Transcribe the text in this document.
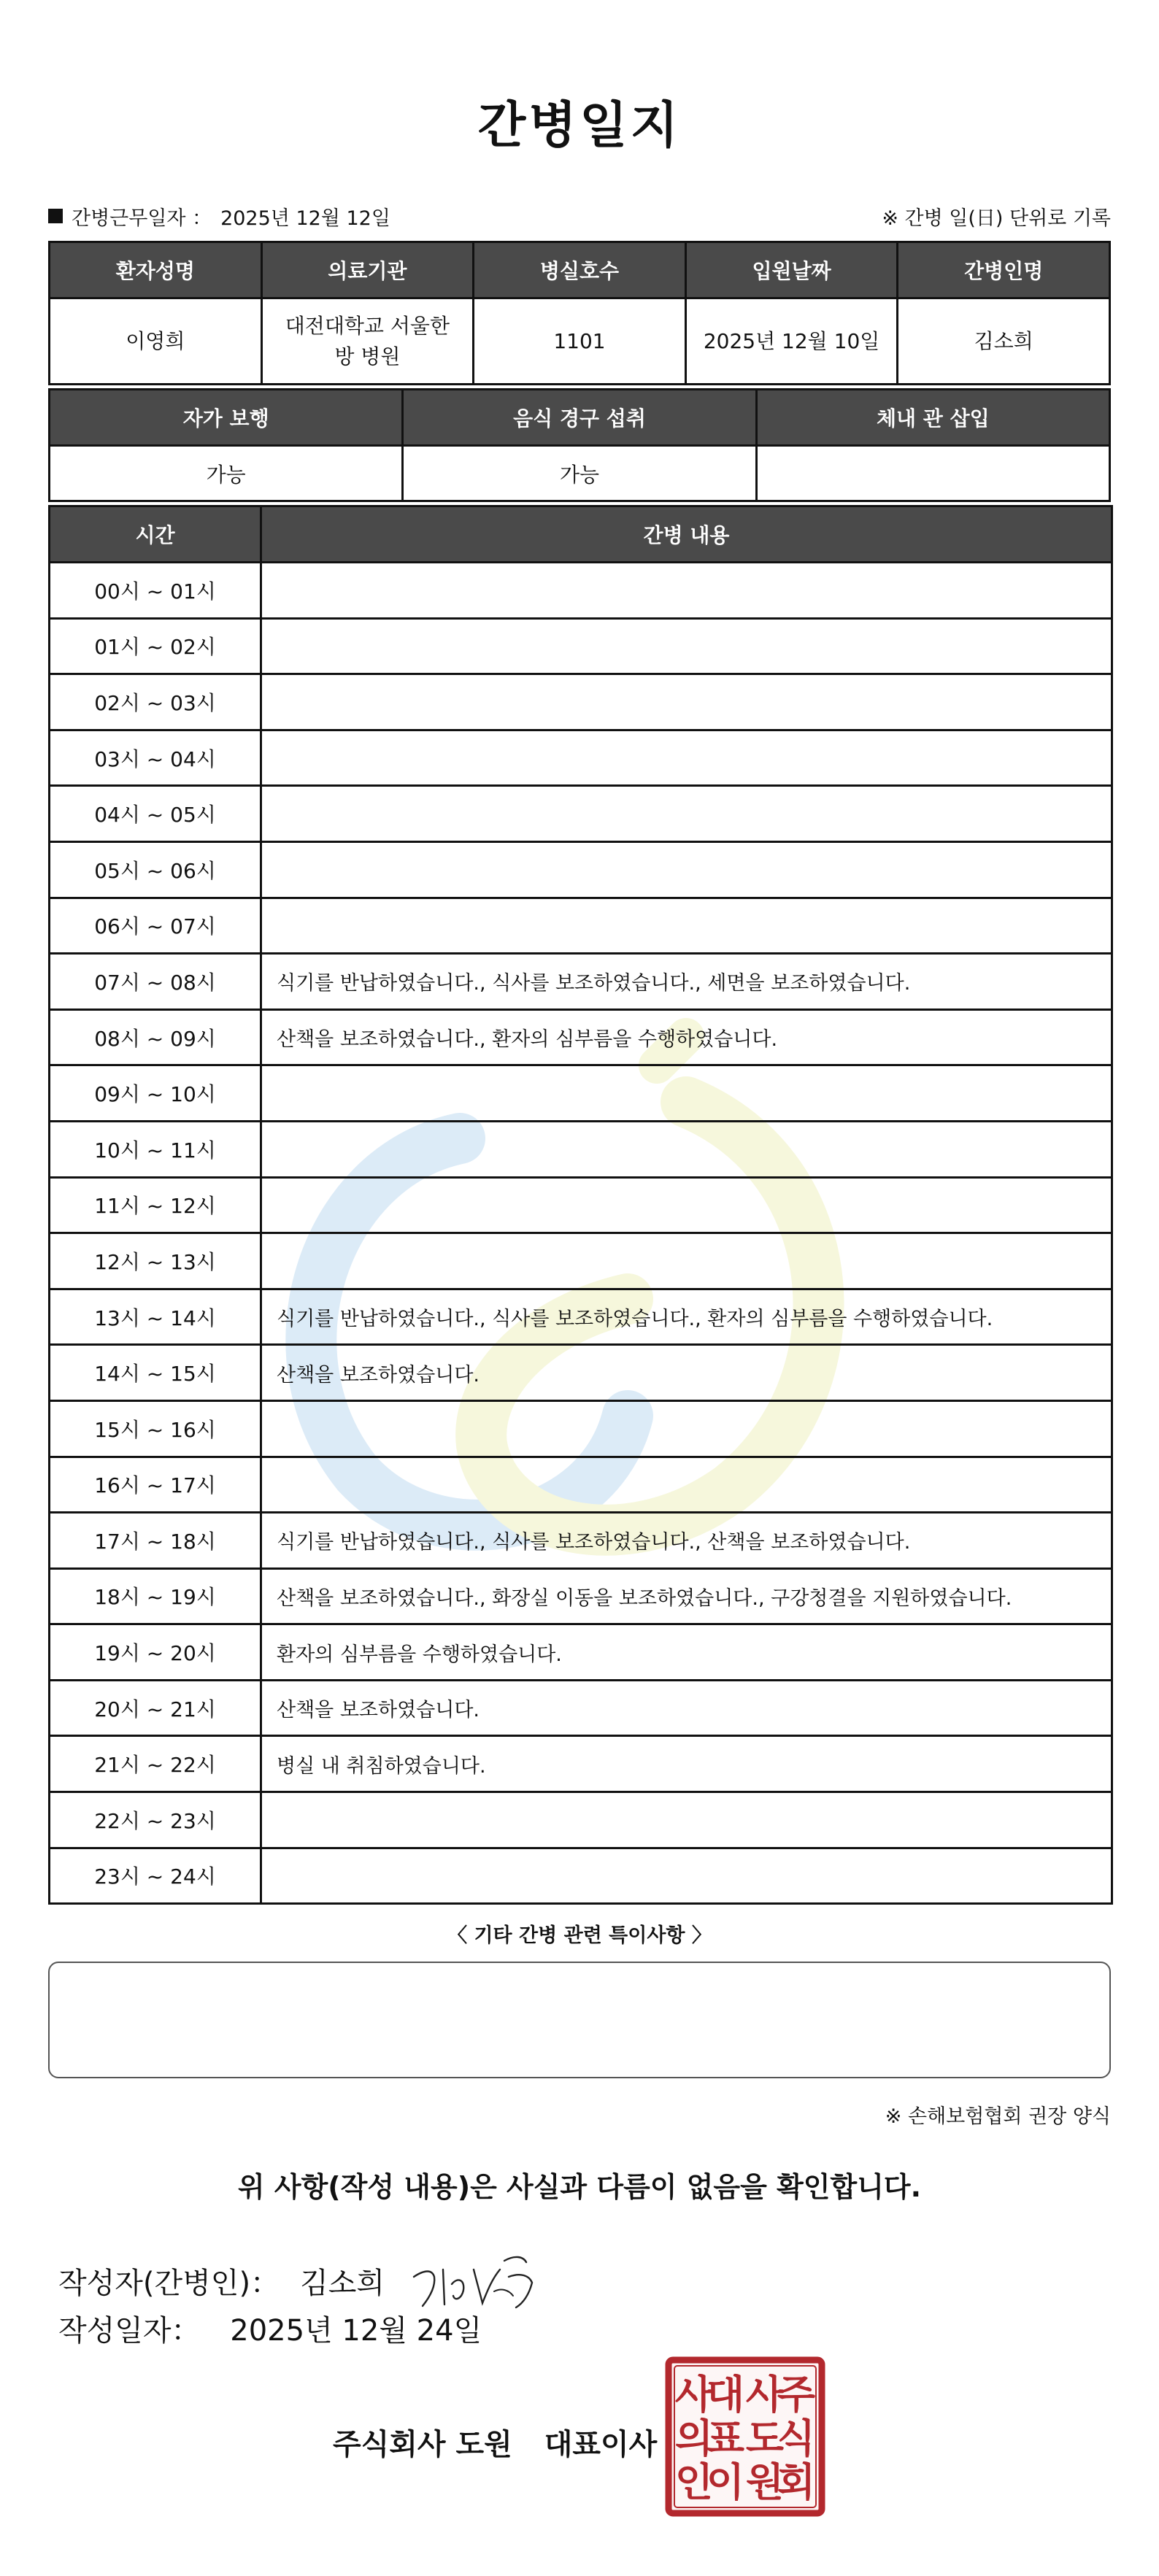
간병일지
간병근무일자 ： 2025년 12월 12일	※ 간병 일(日) 단위로 기록
환자성명	의료기관	병실호수	입원날짜	간병인명
이영희	대전대학교 서울한방 병원	1101	2025년 12월 10일	김소희
자가 보행	음식 경구 섭취	체내 관 삽입
가능	가능	
시간	간병 내용
00시 ~ 01시	
01시 ~ 02시	
02시 ~ 03시	
03시 ~ 04시	
04시 ~ 05시	
05시 ~ 06시	
06시 ~ 07시	
07시 ~ 08시	식기를 반납하였습니다., 식사를 보조하였습니다., 세면을 보조하였습니다.
08시 ~ 09시	산책을 보조하였습니다., 환자의 심부름을 수행하였습니다.
09시 ~ 10시	
10시 ~ 11시	
11시 ~ 12시	
12시 ~ 13시	
13시 ~ 14시	식기를 반납하였습니다., 식사를 보조하였습니다., 환자의 심부름을 수행하였습니다.
14시 ~ 15시	산책을 보조하였습니다.
15시 ~ 16시	
16시 ~ 17시	
17시 ~ 18시	식기를 반납하였습니다., 식사를 보조하였습니다., 산책을 보조하였습니다.
18시 ~ 19시	산책을 보조하였습니다., 화장실 이동을 보조하였습니다., 구강청결을 지원하였습니다.
19시 ~ 20시	환자의 심부름을 수행하였습니다.
20시 ~ 21시	산책을 보조하였습니다.
21시 ~ 22시	병실 내 취침하였습니다.
22시 ~ 23시	
23시 ~ 24시	
〈 기타 간병 관련 특이사항 〉
※ 손해보험협회 권장 양식
위 사항(작성 내용)은 사실과 다름이 없음을 확인합니다.
작성자(간병인)： 김소희
작성일자： 2025년 12월 24일
주식회사 도원 대표이사
주
식
회
사
도
원
대
표
이
사
의
인
